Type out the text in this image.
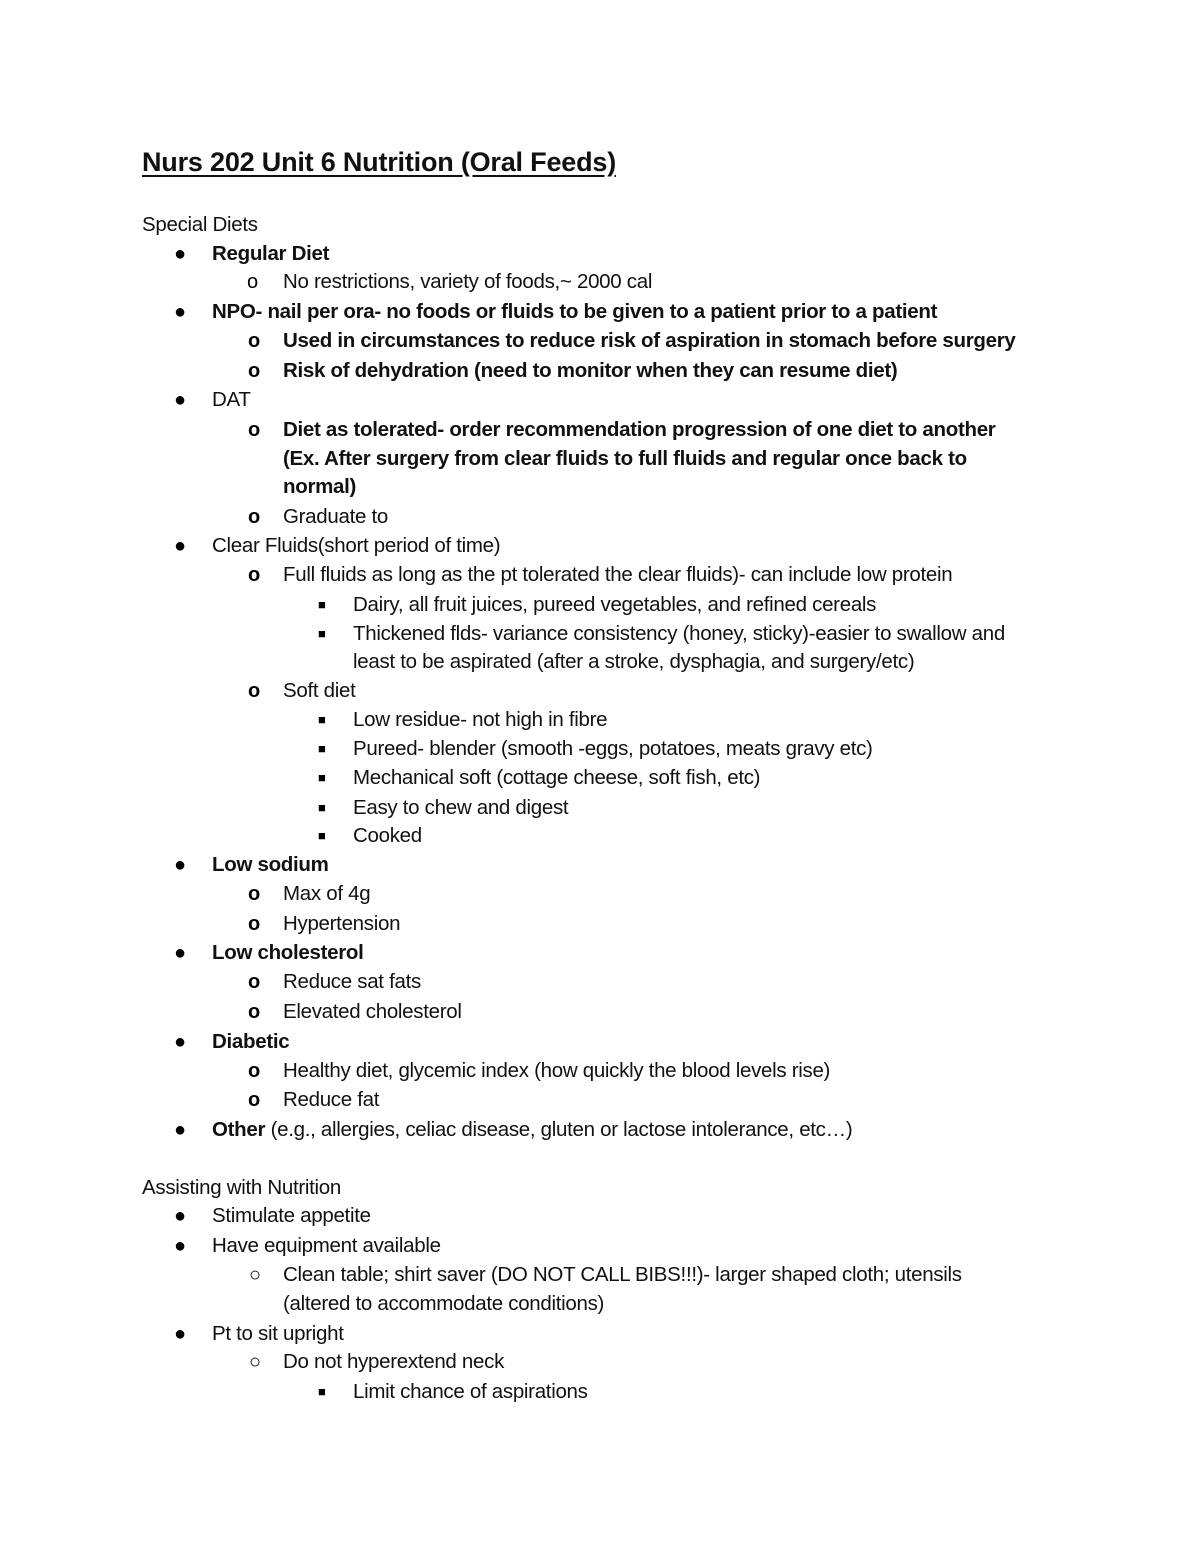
Nurs 202 Unit 6 Nutrition (Oral Feeds)
Special Diets
● Regular Diet
o No restrictions, variety of foods,~ 2000 cal
● NPO- nail per ora- no foods or fluids to be given to a patient prior to a patient
o Used in circumstances to reduce risk of aspiration in stomach before surgery
o Risk of dehydration (need to monitor when they can resume diet)
● DAT
o Diet as tolerated- order recommendation progression of one diet to another
(Ex. After surgery from clear fluids to full fluids and regular once back to
normal)
o Graduate to
● Clear Fluids(short period of time)
o Full fluids as long as the pt tolerated the clear fluids)- can include low protein
■ Dairy, all fruit juices, pureed vegetables, and refined cereals
■ Thickened flds- variance consistency (honey, sticky)-easier to swallow and
least to be aspirated (after a stroke, dysphagia, and surgery/etc)
o Soft diet
■ Low residue- not high in fibre
■ Pureed- blender (smooth -eggs, potatoes, meats gravy etc)
■ Mechanical soft (cottage cheese, soft fish, etc)
■ Easy to chew and digest
■ Cooked
● Low sodium
o Max of 4g
o Hypertension
● Low cholesterol
o Reduce sat fats
o Elevated cholesterol
● Diabetic
o Healthy diet, glycemic index (how quickly the blood levels rise)
o Reduce fat
● Other (e.g., allergies, celiac disease, gluten or lactose intolerance, etc…)
Assisting with Nutrition
● Stimulate appetite
● Have equipment available
○ Clean table; shirt saver (DO NOT CALL BIBS!!!)- larger shaped cloth; utensils
(altered to accommodate conditions)
● Pt to sit upright
○ Do not hyperextend neck
■ Limit chance of aspirations
